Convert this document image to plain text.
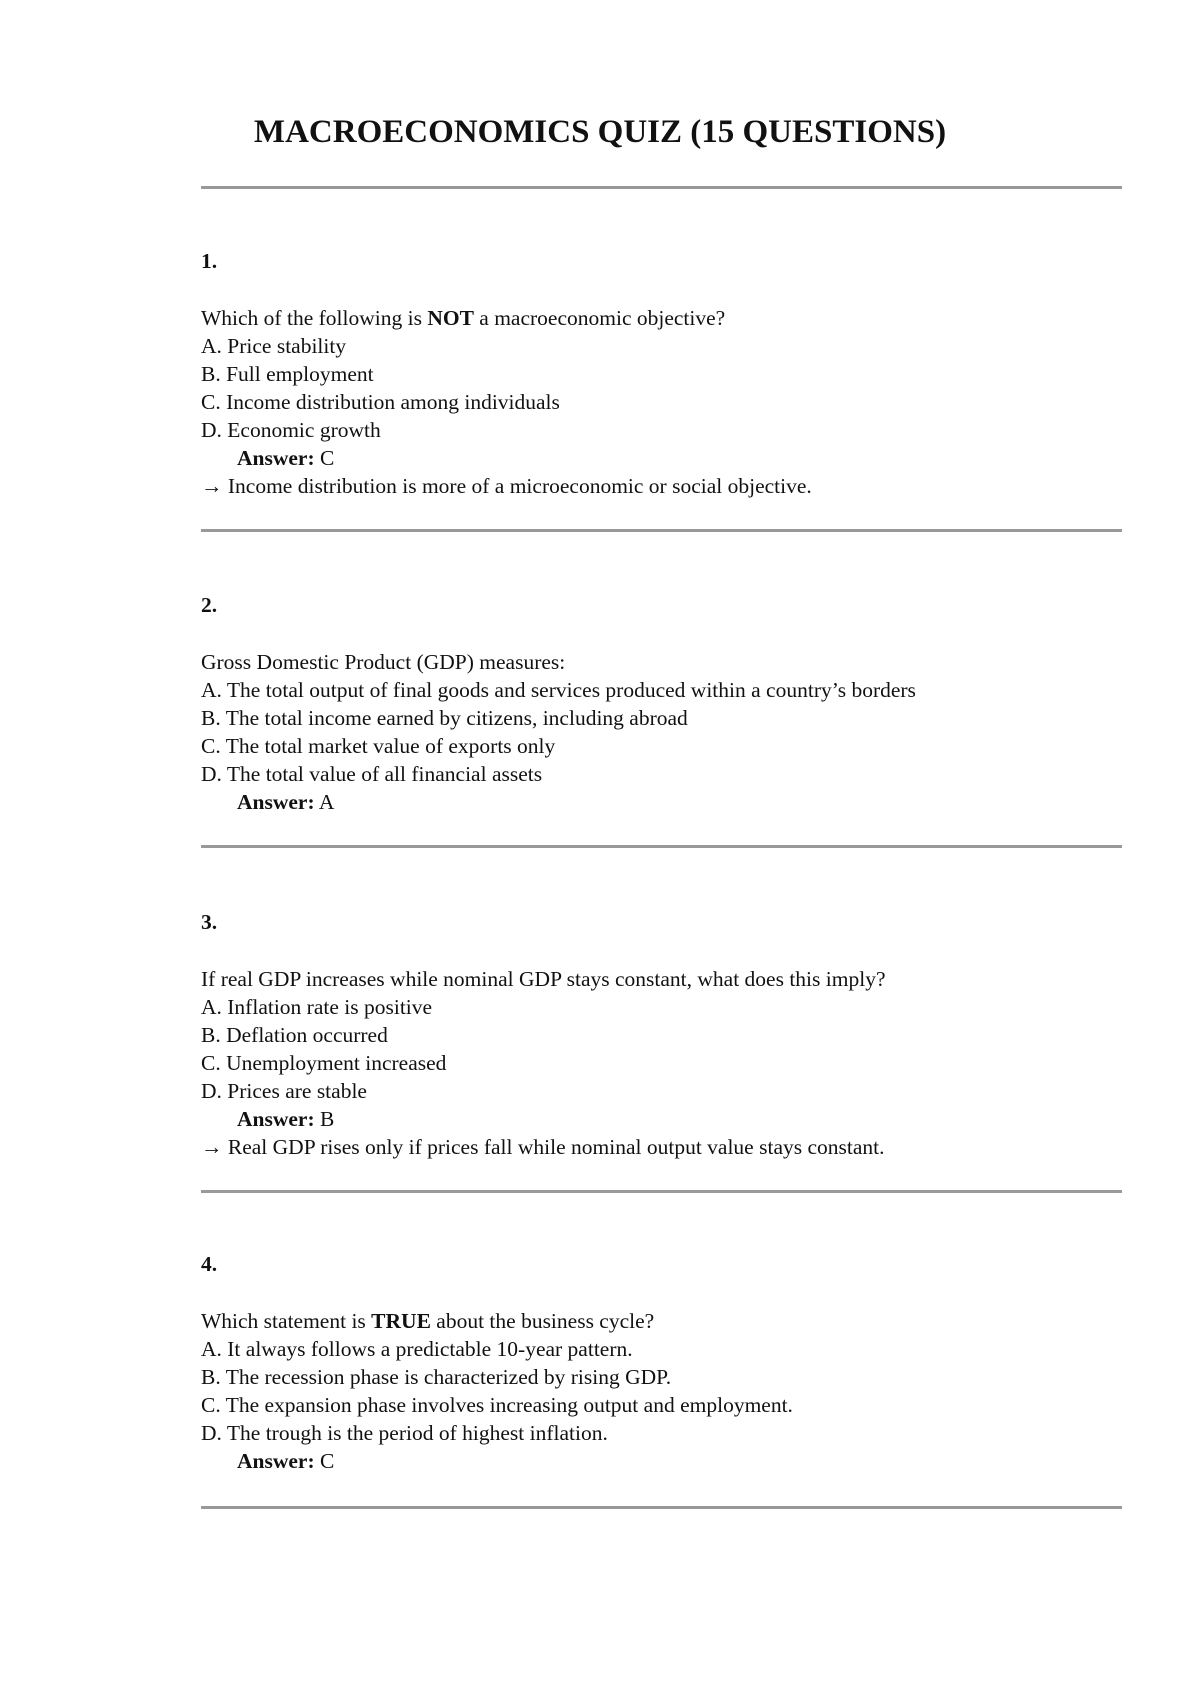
MACROECONOMICS QUIZ (15 QUESTIONS)
1.
Which of the following is NOT a macroeconomic objective?
A. Price stability
B. Full employment
C. Income distribution among individuals
D. Economic growth
Answer: C
→ Income distribution is more of a microeconomic or social objective.
2.
Gross Domestic Product (GDP) measures:
A. The total output of final goods and services produced within a country’s borders
B. The total income earned by citizens, including abroad
C. The total market value of exports only
D. The total value of all financial assets
Answer: A
3.
If real GDP increases while nominal GDP stays constant, what does this imply?
A. Inflation rate is positive
B. Deflation occurred
C. Unemployment increased
D. Prices are stable
Answer: B
→ Real GDP rises only if prices fall while nominal output value stays constant.
4.
Which statement is TRUE about the business cycle?
A. It always follows a predictable 10-year pattern.
B. The recession phase is characterized by rising GDP.
C. The expansion phase involves increasing output and employment.
D. The trough is the period of highest inflation.
Answer: C
